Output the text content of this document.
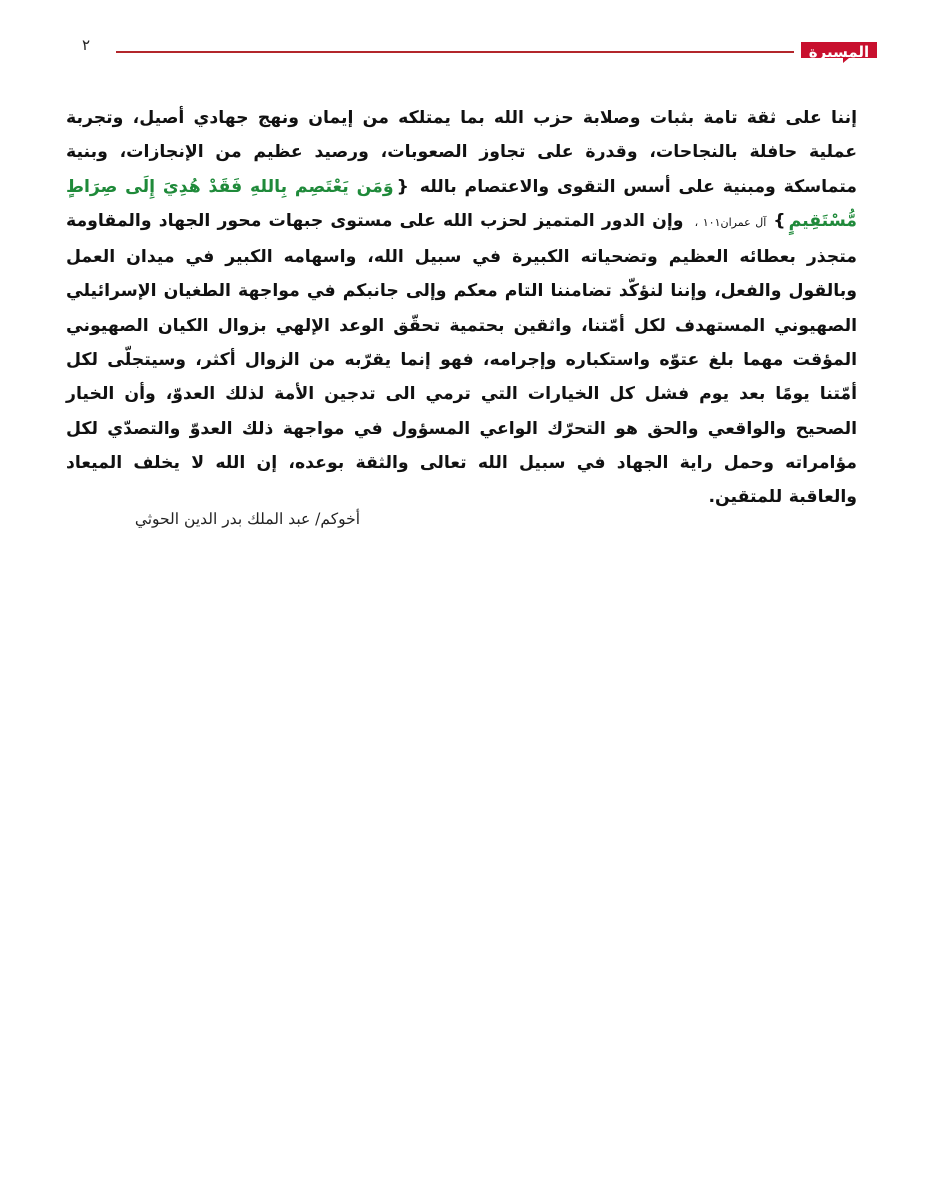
٢	المسيرة
إننا على ثقة تامة بثبات وصلابة حزب الله بما يمتلكه من إيمان ونهج جهادي أصيل، وتجربة عملية حافلة بالنجاحات، وقدرة على تجاوز الصعوبات، ورصيد عظيم من الإنجازات، وبنية متماسكة ومبنية على أسس التقوى والاعتصام بالله {وَمَن يَعْتَصِم بِاللهِ فَقَدْ هُدِيَ إِلَى صِرَاطٍ مُّسْتَقِيمٍ}آل عمران١٠١ ، وإن الدور المتميز لحزب الله على مستوى جبهات محور الجهاد والمقاومة متجذر بعطائه العظيم وتضحياته الكبيرة في سبيل الله، واسهامه الكبير في ميدان العمل وبالقول والفعل، وإننا لنؤكّد تضامننا التام معكم وإلى جانبكم في مواجهة الطغيان الإسرائيلي الصهيوني المستهدف لكل أمّتنا، واثقين بحتمية تحقّق الوعد الإلهي بزوال الكيان الصهيوني المؤقت مهما بلغ عتوّه واستكباره وإجرامه، فهو إنما يقرّبه من الزوال أكثر، وسيتجلّى لكل أمّتنا يومًا بعد يوم فشل كل الخيارات التي ترمي الى تدجين الأمة لذلك العدوّ، وأن الخيار الصحيح والواقعي والحق هو التحرّك الواعي المسؤول في مواجهة ذلك العدوّ والتصدّي لكل مؤامراته وحمل راية الجهاد في سبيل الله تعالى والثقة بوعده، إن الله لا يخلف الميعاد والعاقبة للمتقين.
أخوكم/ عبد الملك بدر الدين الحوثي
